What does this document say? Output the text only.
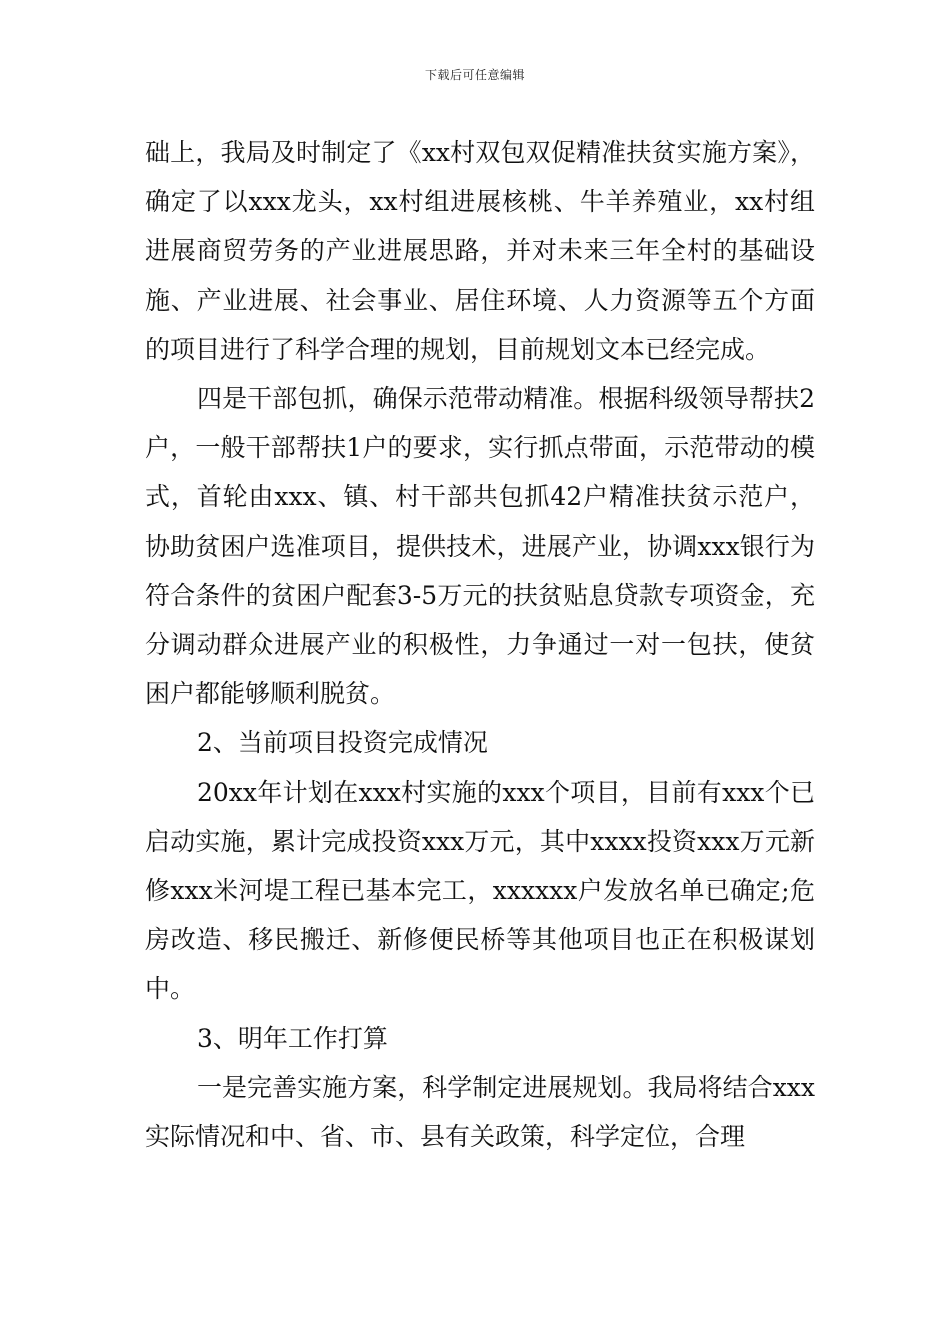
下载后可任意编辑

础上，我局及时制定了《xx村双包双促精准扶贫实施方案》，确定了以xxx龙头，xx村组进展核桃、牛羊养殖业，xx村组进展商贸劳务的产业进展思路，并对未来三年全村的基础设施、产业进展、社会事业、居住环境、人力资源等五个方面的项目进行了科学合理的规划，目前规划文本已经完成。

四是干部包抓，确保示范带动精准。根据科级领导帮扶2户，一般干部帮扶1户的要求，实行抓点带面，示范带动的模式，首轮由xxx、镇、村干部共包抓42户精准扶贫示范户，协助贫困户选准项目，提供技术，进展产业，协调xxx银行为符合条件的贫困户配套3-5万元的扶贫贴息贷款专项资金，充分调动群众进展产业的积极性，力争通过一对一包扶，使贫困户都能够顺利脱贫。

2、当前项目投资完成情况

20xx年计划在xxx村实施的xxx个项目，目前有xxx个已启动实施，累计完成投资xxx万元，其中xxxx投资xxx万元新修xxx米河堤工程已基本完工，xxxxxx户发放名单已确定;危房改造、移民搬迁、新修便民桥等其他项目也正在积极谋划中。

3、明年工作打算

一是完善实施方案，科学制定进展规划。我局将结合xxx实际情况和中、省、市、县有关政策，科学定位，合理
